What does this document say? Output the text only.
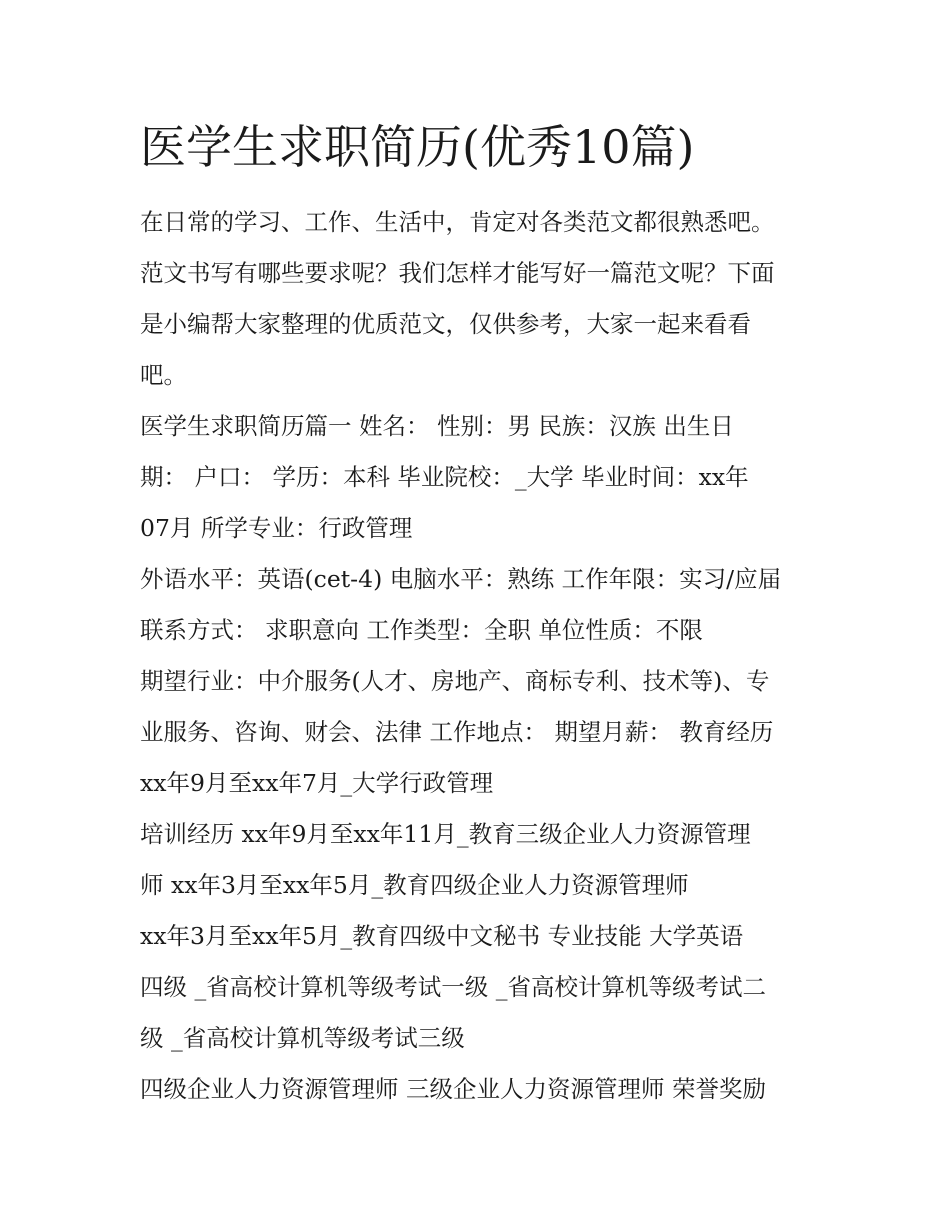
医学生求职简历(优秀10篇)

在日常的学习、工作、生活中，肯定对各类范文都很熟悉吧。

范文书写有哪些要求呢？我们怎样才能写好一篇范文呢？下面

是小编帮大家整理的优质范文，仅供参考，大家一起来看看

吧。

医学生求职简历篇一 姓名： 性别：男 民族：汉族 出生日

期： 户口： 学历：本科 毕业院校：_大学 毕业时间：xx年

07月 所学专业：行政管理

外语水平：英语(cet-4) 电脑水平：熟练 工作年限：实习/应届

联系方式： 求职意向 工作类型：全职 单位性质：不限

期望行业：中介服务(人才、房地产、商标专利、技术等)、专

业服务、咨询、财会、法律 工作地点： 期望月薪： 教育经历

xx年9月至xx年7月_大学行政管理

培训经历 xx年9月至xx年11月_教育三级企业人力资源管理

师 xx年3月至xx年5月_教育四级企业人力资源管理师

xx年3月至xx年5月_教育四级中文秘书 专业技能 大学英语

四级 _省高校计算机等级考试一级 _省高校计算机等级考试二

级 _省高校计算机等级考试三级

四级企业人力资源管理师 三级企业人力资源管理师 荣誉奖励
